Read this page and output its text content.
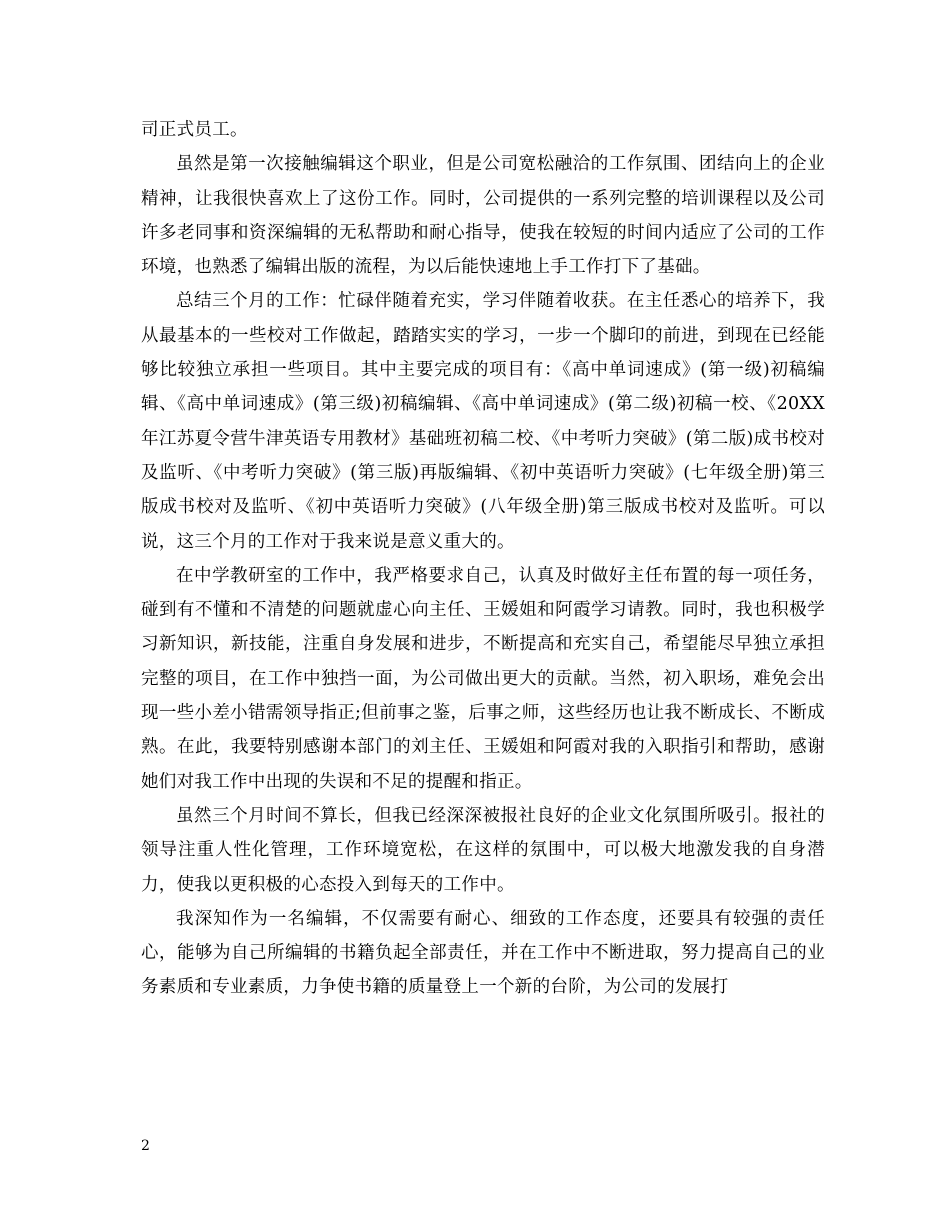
司正式员工。

虽然是第一次接触编辑这个职业，但是公司宽松融洽的工作氛围、团结向上的企业精神，让我很快喜欢上了这份工作。同时，公司提供的一系列完整的培训课程以及公司许多老同事和资深编辑的无私帮助和耐心指导，使我在较短的时间内适应了公司的工作环境，也熟悉了编辑出版的流程，为以后能快速地上手工作打下了基础。

总结三个月的工作：忙碌伴随着充实，学习伴随着收获。在主任悉心的培养下，我从最基本的一些校对工作做起，踏踏实实的学习，一步一个脚印的前进，到现在已经能够比较独立承担一些项目。其中主要完成的项目有：《高中单词速成》(第一级)初稿编辑、《高中单词速成》(第三级)初稿编辑、《高中单词速成》(第二级)初稿一校、《20XX年江苏夏令营牛津英语专用教材》基础班初稿二校、《中考听力突破》(第二版)成书校对及监听、《中考听力突破》(第三版)再版编辑、《初中英语听力突破》(七年级全册)第三版成书校对及监听、《初中英语听力突破》(八年级全册)第三版成书校对及监听。可以说，这三个月的工作对于我来说是意义重大的。

在中学教研室的工作中，我严格要求自己，认真及时做好主任布置的每一项任务，碰到有不懂和不清楚的问题就虚心向主任、王媛姐和阿霞学习请教。同时，我也积极学习新知识，新技能，注重自身发展和进步，不断提高和充实自己，希望能尽早独立承担完整的项目，在工作中独挡一面，为公司做出更大的贡献。当然，初入职场，难免会出现一些小差小错需领导指正;但前事之鉴，后事之师，这些经历也让我不断成长、不断成熟。在此，我要特别感谢本部门的刘主任、王媛姐和阿霞对我的入职指引和帮助，感谢她们对我工作中出现的失误和不足的提醒和指正。

虽然三个月时间不算长，但我已经深深被报社良好的企业文化氛围所吸引。报社的领导注重人性化管理，工作环境宽松，在这样的氛围中，可以极大地激发我的自身潜力，使我以更积极的心态投入到每天的工作中。

我深知作为一名编辑，不仅需要有耐心、细致的工作态度，还要具有较强的责任心，能够为自己所编辑的书籍负起全部责任，并在工作中不断进取，努力提高自己的业务素质和专业素质，力争使书籍的质量登上一个新的台阶，为公司的发展打

2
